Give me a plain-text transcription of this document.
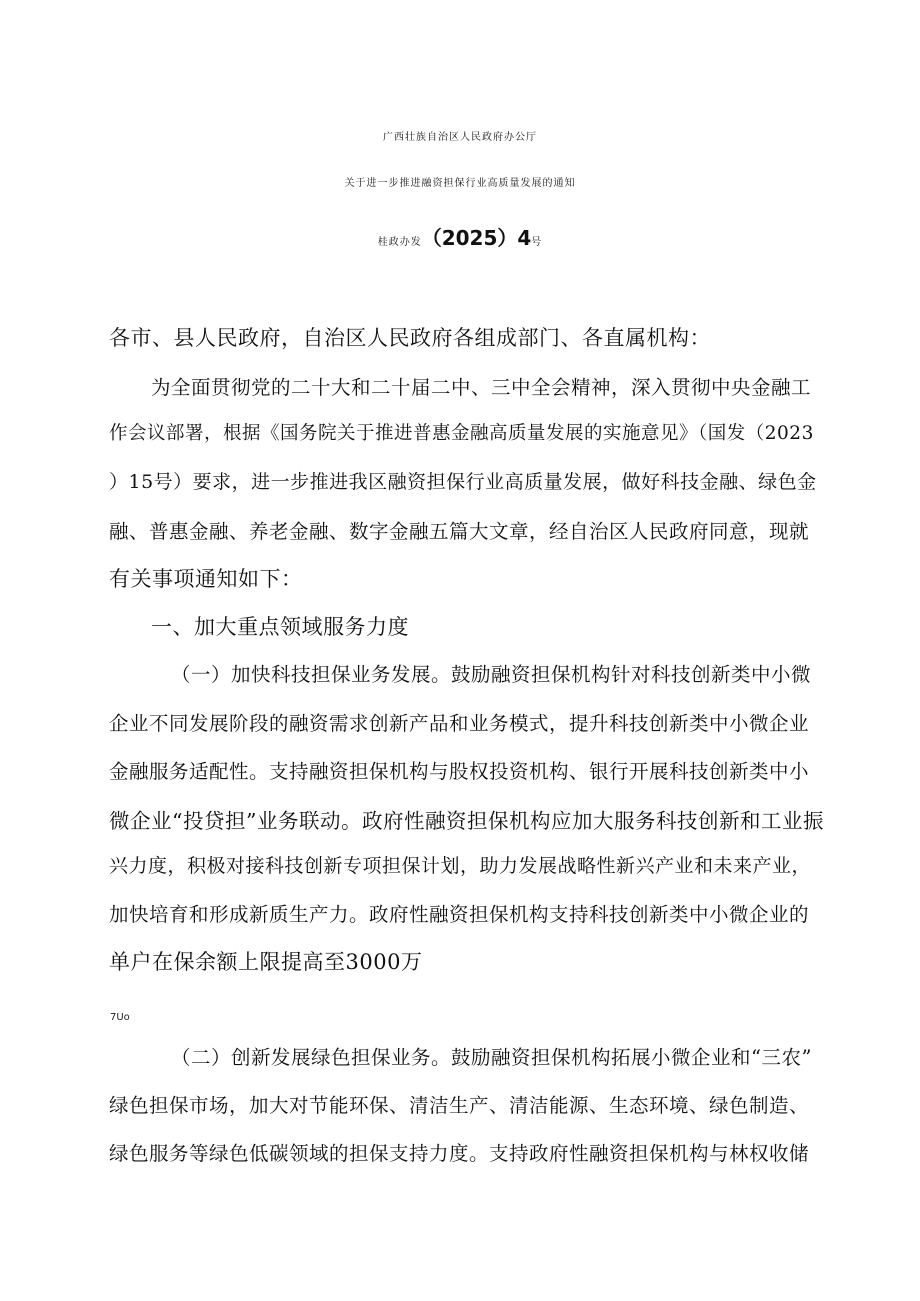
广西壮族自治区人民政府办公厅
关于进一步推进融资担保行业高质量发展的通知
桂政办发（2025）4号
各市、县人民政府，自治区人民政府各组成部门、各直属机构：
为全面贯彻党的二十大和二十届二中、三中全会精神，深入贯彻中央金融工
作会议部署，根据《国务院关于推进普惠金融高质量发展的实施意见》（国发（2023
）15号）要求，进一步推进我区融资担保行业高质量发展，做好科技金融、绿色金
融、普惠金融、养老金融、数字金融五篇大文章，经自治区人民政府同意，现就
有关事项通知如下：
一、加大重点领域服务力度
（一）加快科技担保业务发展。鼓励融资担保机构针对科技创新类中小微
企业不同发展阶段的融资需求创新产品和业务模式，提升科技创新类中小微企业
金融服务适配性。支持融资担保机构与股权投资机构、银行开展科技创新类中小
微企业“投贷担”业务联动。政府性融资担保机构应加大服务科技创新和工业振
兴力度，积极对接科技创新专项担保计划，助力发展战略性新兴产业和未来产业，
加快培育和形成新质生产力。政府性融资担保机构支持科技创新类中小微企业的
单户在保余额上限提高至3000万
7Uo
（二）创新发展绿色担保业务。鼓励融资担保机构拓展小微企业和“三农”
绿色担保市场，加大对节能环保、清洁生产、清洁能源、生态环境、绿色制造、
绿色服务等绿色低碳领域的担保支持力度。支持政府性融资担保机构与林权收储
